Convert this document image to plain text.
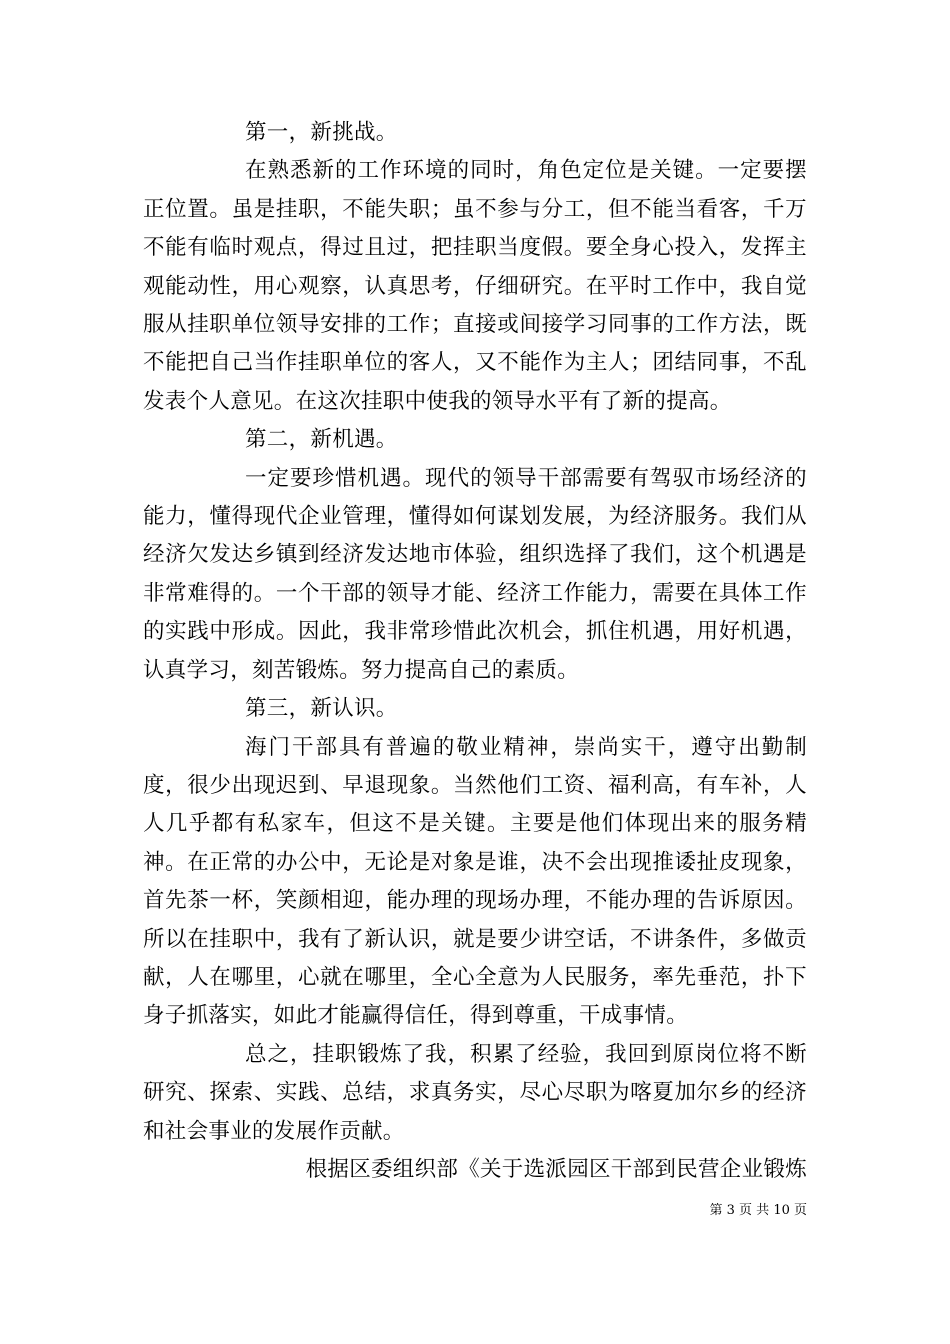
第一，新挑战。

在熟悉新的工作环境的同时，角色定位是关键。一定要摆正位置。虽是挂职，不能失职；虽不参与分工，但不能当看客，千万不能有临时观点，得过且过，把挂职当度假。要全身心投入，发挥主观能动性，用心观察，认真思考，仔细研究。在平时工作中，我自觉服从挂职单位领导安排的工作；直接或间接学习同事的工作方法，既不能把自己当作挂职单位的客人，又不能作为主人；团结同事，不乱发表个人意见。在这次挂职中使我的领导水平有了新的提高。

第二，新机遇。

一定要珍惜机遇。现代的领导干部需要有驾驭市场经济的能力，懂得现代企业管理，懂得如何谋划发展，为经济服务。我们从经济欠发达乡镇到经济发达地市体验，组织选择了我们，这个机遇是非常难得的。一个干部的领导才能、经济工作能力，需要在具体工作的实践中形成。因此，我非常珍惜此次机会，抓住机遇，用好机遇，认真学习，刻苦锻炼。努力提高自己的素质。

第三，新认识。

海门干部具有普遍的敬业精神，崇尚实干，遵守出勤制度，很少出现迟到、早退现象。当然他们工资、福利高，有车补，人人几乎都有私家车，但这不是关键。主要是他们体现出来的服务精神。在正常的办公中，无论是对象是谁，决不会出现推诿扯皮现象，首先茶一杯，笑颜相迎，能办理的现场办理，不能办理的告诉原因。所以在挂职中，我有了新认识，就是要少讲空话，不讲条件，多做贡献，人在哪里，心就在哪里，全心全意为人民服务，率先垂范，扑下身子抓落实，如此才能赢得信任，得到尊重，干成事情。

总之，挂职锻炼了我，积累了经验，我回到原岗位将不断研究、探索、实践、总结，求真务实，尽心尽职为喀夏加尔乡的经济和社会事业的发展作贡献。

根据区委组织部《关于选派园区干部到民营企业锻炼

第 3 页 共 10 页
